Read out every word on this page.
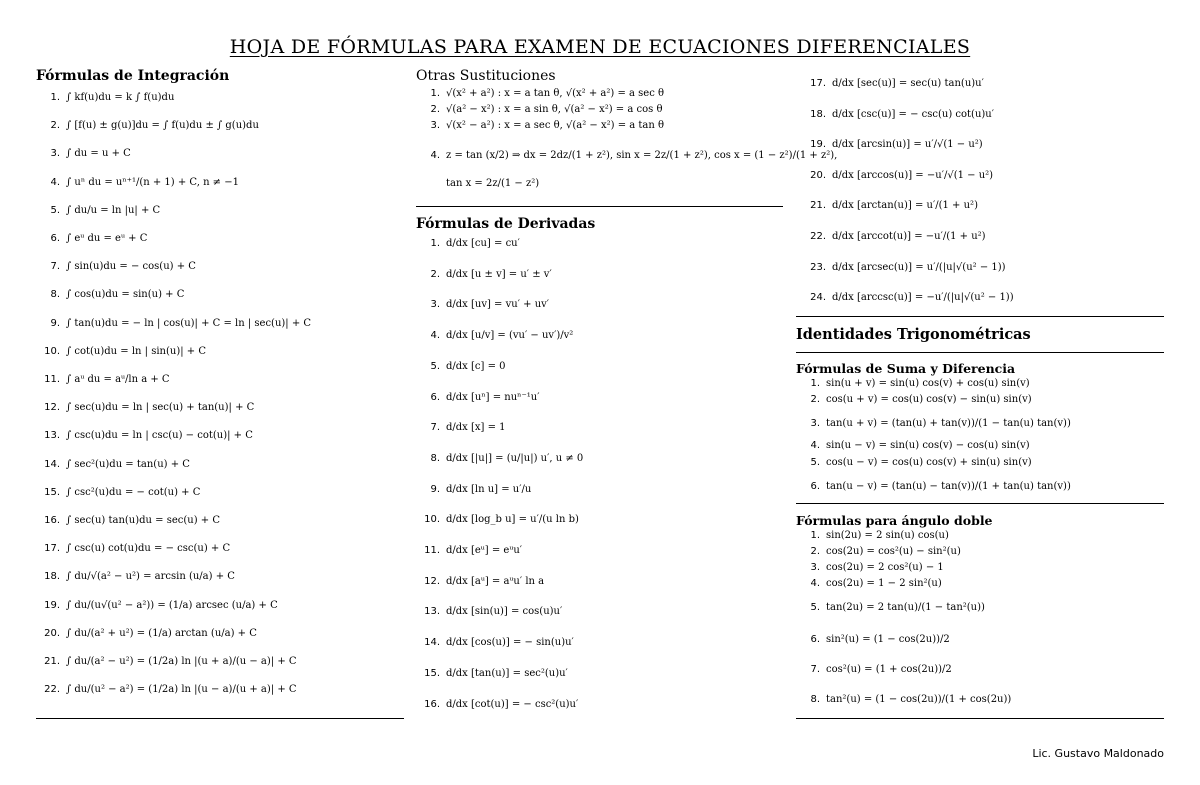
HOJA DE FÓRMULAS PARA EXAMEN DE ECUACIONES DIFERENCIALES
Fórmulas de Integración
1. ∫ kf(u)du = k ∫ f(u)du
2. ∫ [f(u) ± g(u)]du = ∫ f(u)du ± ∫ g(u)du
3. ∫ du = u + C
4. ∫ uⁿ du = uⁿ⁺¹/(n + 1) + C, n ≠ −1
5. ∫ du/u = ln |u| + C
6. ∫ eᵘ du = eᵘ + C
7. ∫ sin(u)du = − cos(u) + C
8. ∫ cos(u)du = sin(u) + C
9. ∫ tan(u)du = − ln | cos(u)| + C = ln | sec(u)| + C
10. ∫ cot(u)du = ln | sin(u)| + C
11. ∫ aᵘ du = aᵘ/ln a + C
12. ∫ sec(u)du = ln | sec(u) + tan(u)| + C
13. ∫ csc(u)du = ln | csc(u) − cot(u)| + C
14. ∫ sec²(u)du = tan(u) + C
15. ∫ csc²(u)du = − cot(u) + C
16. ∫ sec(u) tan(u)du = sec(u) + C
17. ∫ csc(u) cot(u)du = − csc(u) + C
18. ∫ du/√(a² − u²) = arcsin (u/a) + C
19. ∫ du/(u√(u² − a²)) = (1/a) arcsec (u/a) + C
20. ∫ du/(a² + u²) = (1/a) arctan (u/a) + C
21. ∫ du/(a² − u²) = (1/2a) ln |(u + a)/(u − a)| + C
22. ∫ du/(u² − a²) = (1/2a) ln |(u − a)/(u + a)| + C
Otras Sustituciones
1. √(x² + a²) : x = a tan θ, √(x² + a²) = a sec θ
2. √(a² − x²) : x = a sin θ, √(a² − x²) = a cos θ
3. √(x² − a²) : x = a sec θ, √(a² − x²) = a tan θ
4. z = tan (x/2) ⇒ dx = 2dz/(1 + z²), sin x = 2z/(1 + z²), cos x = (1 − z²)/(1 + z²),
tan x = 2z/(1 − z²)
Fórmulas de Derivadas
1. d/dx [cu] = cu′
2. d/dx [u ± v] = u′ ± v′
3. d/dx [uv] = vu′ + uv′
4. d/dx [u/v] = (vu′ − uv′)/v²
5. d/dx [c] = 0
6. d/dx [uⁿ] = nuⁿ⁻¹u′
7. d/dx [x] = 1
8. d/dx [|u|] = (u/|u|) u′, u ≠ 0
9. d/dx [ln u] = u′/u
10. d/dx [log_b u] = u′/(u ln b)
11. d/dx [eᵘ] = eᵘu′
12. d/dx [aᵘ] = aᵘu′ ln a
13. d/dx [sin(u)] = cos(u)u′
14. d/dx [cos(u)] = − sin(u)u′
15. d/dx [tan(u)] = sec²(u)u′
16. d/dx [cot(u)] = − csc²(u)u′
17. d/dx [sec(u)] = sec(u) tan(u)u′
18. d/dx [csc(u)] = − csc(u) cot(u)u′
19. d/dx [arcsin(u)] = u′/√(1 − u²)
20. d/dx [arccos(u)] = −u′/√(1 − u²)
21. d/dx [arctan(u)] = u′/(1 + u²)
22. d/dx [arccot(u)] = −u′/(1 + u²)
23. d/dx [arcsec(u)] = u′/(|u|√(u² − 1))
24. d/dx [arccsc(u)] = −u′/(|u|√(u² − 1))
Identidades Trigonométricas
Fórmulas de Suma y Diferencia
1. sin(u + v) = sin(u) cos(v) + cos(u) sin(v)
2. cos(u + v) = cos(u) cos(v) − sin(u) sin(v)
3. tan(u + v) = (tan(u) + tan(v))/(1 − tan(u) tan(v))
4. sin(u − v) = sin(u) cos(v) − cos(u) sin(v)
5. cos(u − v) = cos(u) cos(v) + sin(u) sin(v)
6. tan(u − v) = (tan(u) − tan(v))/(1 + tan(u) tan(v))
Fórmulas para ángulo doble
1. sin(2u) = 2 sin(u) cos(u)
2. cos(2u) = cos²(u) − sin²(u)
3. cos(2u) = 2 cos²(u) − 1
4. cos(2u) = 1 − 2 sin²(u)
5. tan(2u) = 2 tan(u)/(1 − tan²(u))
6. sin²(u) = (1 − cos(2u))/2
7. cos²(u) = (1 + cos(2u))/2
8. tan²(u) = (1 − cos(2u))/(1 + cos(2u))
Lic. Gustavo Maldonado
